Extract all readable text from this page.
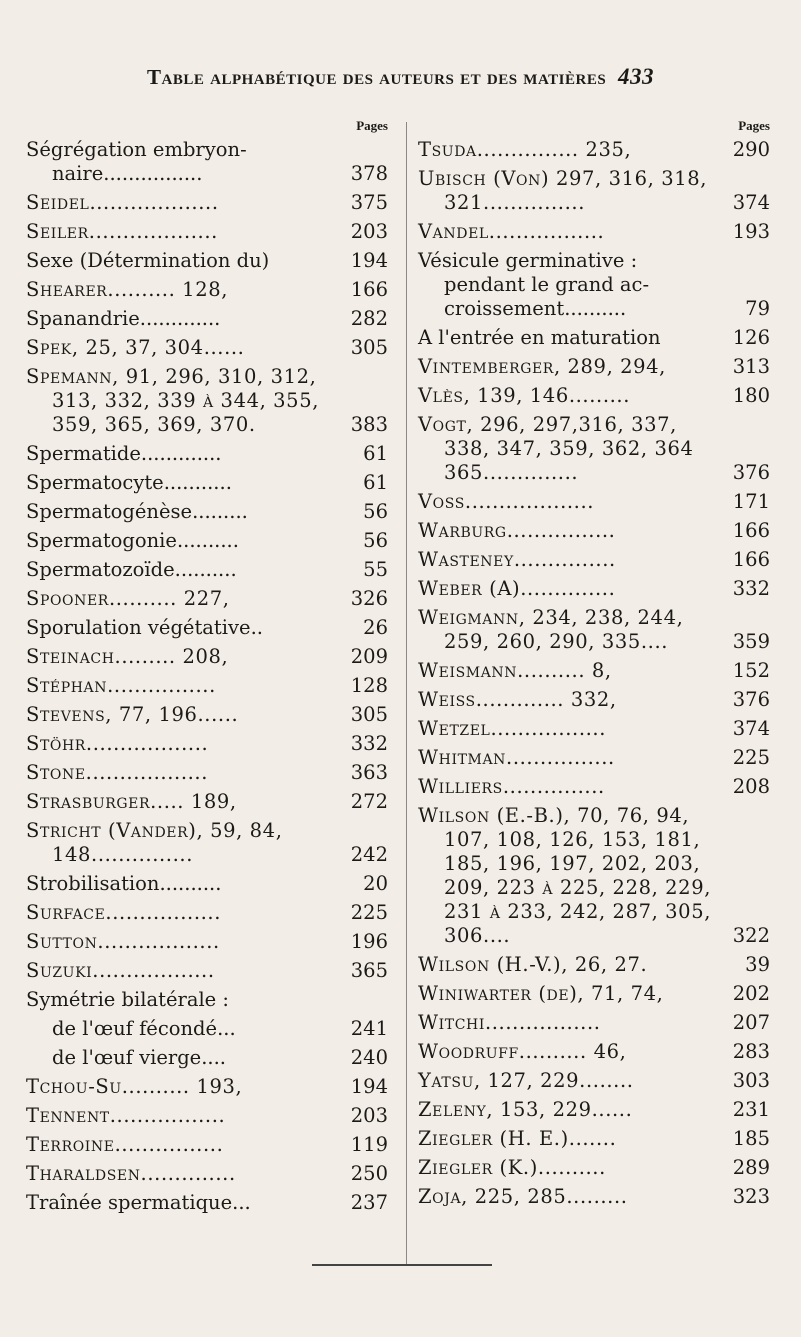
Table alphabétique des auteurs et des matières 433
Pages
Ségrégation embryon-naire................	378
Seidel...................	375
Seiler...................	203
Sexe (Détermination du)	194
Shearer.......... 128,	166
Spanandrie.............	282
Spek, 25, 37, 304......	305
Spemann, 91, 296, 310, 312, 313, 332, 339 à 344, 355, 359, 365, 369, 370.	383
Spermatide.............	61
Spermatocyte...........	61
Spermatogénèse.........	56
Spermatogonie..........	56
Spermatozoïde..........	55
Spooner.......... 227,	326
Sporulation végétative..	26
Steinach......... 208,	209
Stéphan................	128
Stevens, 77, 196......	305
Stöhr..................	332
Stone..................	363
Strasburger..... 189,	272
Stricht (Vander), 59, 84, 148...............	242
Strobilisation..........	20
Surface.................	225
Sutton..................	196
Suzuki..................	365
Symétrie bilatérale :
de l'œuf fécondé...	241
de l'œuf vierge....	240
Tchou-Su.......... 193,	194
Tennent.................	203
Terroine................	119
Tharaldsen..............	250
Traînée spermatique...	237
Pages
Tsuda............... 235,	290
Ubisch (Von) 297, 316, 318, 321...............	374
Vandel.................	193
Vésicule germinative : pendant le grand ac-croissement..........	79
A l'entrée en maturation	126
Vintemberger, 289, 294,	313
Vlès, 139, 146.........	180
Vogt, 296, 297,316, 337, 338, 347, 359, 362, 364 365..............	376
Voss...................	171
Warburg................	166
Wasteney...............	166
Weber (A)..............	332
Weigmann, 234, 238, 244, 259, 260, 290, 335....	359
Weismann.......... 8,	152
Weiss............. 332,	376
Wetzel.................	374
Whitman................	225
Williers...............	208
Wilson (E.-B.), 70, 76, 94, 107, 108, 126, 153, 181, 185, 196, 197, 202, 203, 209, 223 à 225, 228, 229, 231 à 233, 242, 287, 305, 306....	322
Wilson (H.-V.), 26, 27.	39
Winiwarter (de), 71, 74,	202
Witchi.................	207
Woodruff.......... 46,	283
Yatsu, 127, 229........	303
Zeleny, 153, 229......	231
Ziegler (H. E.).......	185
Ziegler (K.)..........	289
Zoja, 225, 285.........	323
